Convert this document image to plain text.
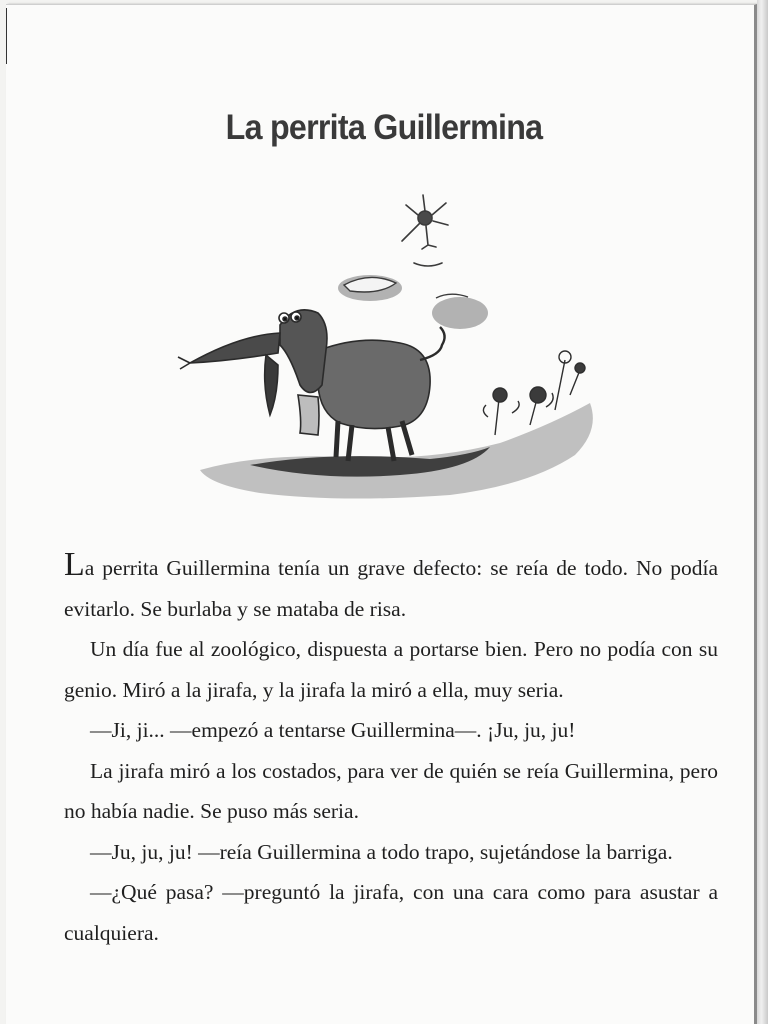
La perrita Guillermina

La perrita Guillermina tenía un grave defecto: se reía de todo. No podía evitarlo. Se burlaba y se mataba de risa.

Un día fue al zoológico, dispuesta a portarse bien. Pero no podía con su genio. Miró a la jirafa, y la jirafa la miró a ella, muy seria.

—Ji, ji... —empezó a tentarse Guillermina—. ¡Ju, ju, ju!

La jirafa miró a los costados, para ver de quién se reía Guillermina, pero no había nadie. Se puso más seria.

—Ju, ju, ju! —reía Guillermina a todo trapo, sujetándose la barriga.

—¿Qué pasa? —preguntó la jirafa, con una cara como para asustar a cualquiera.
